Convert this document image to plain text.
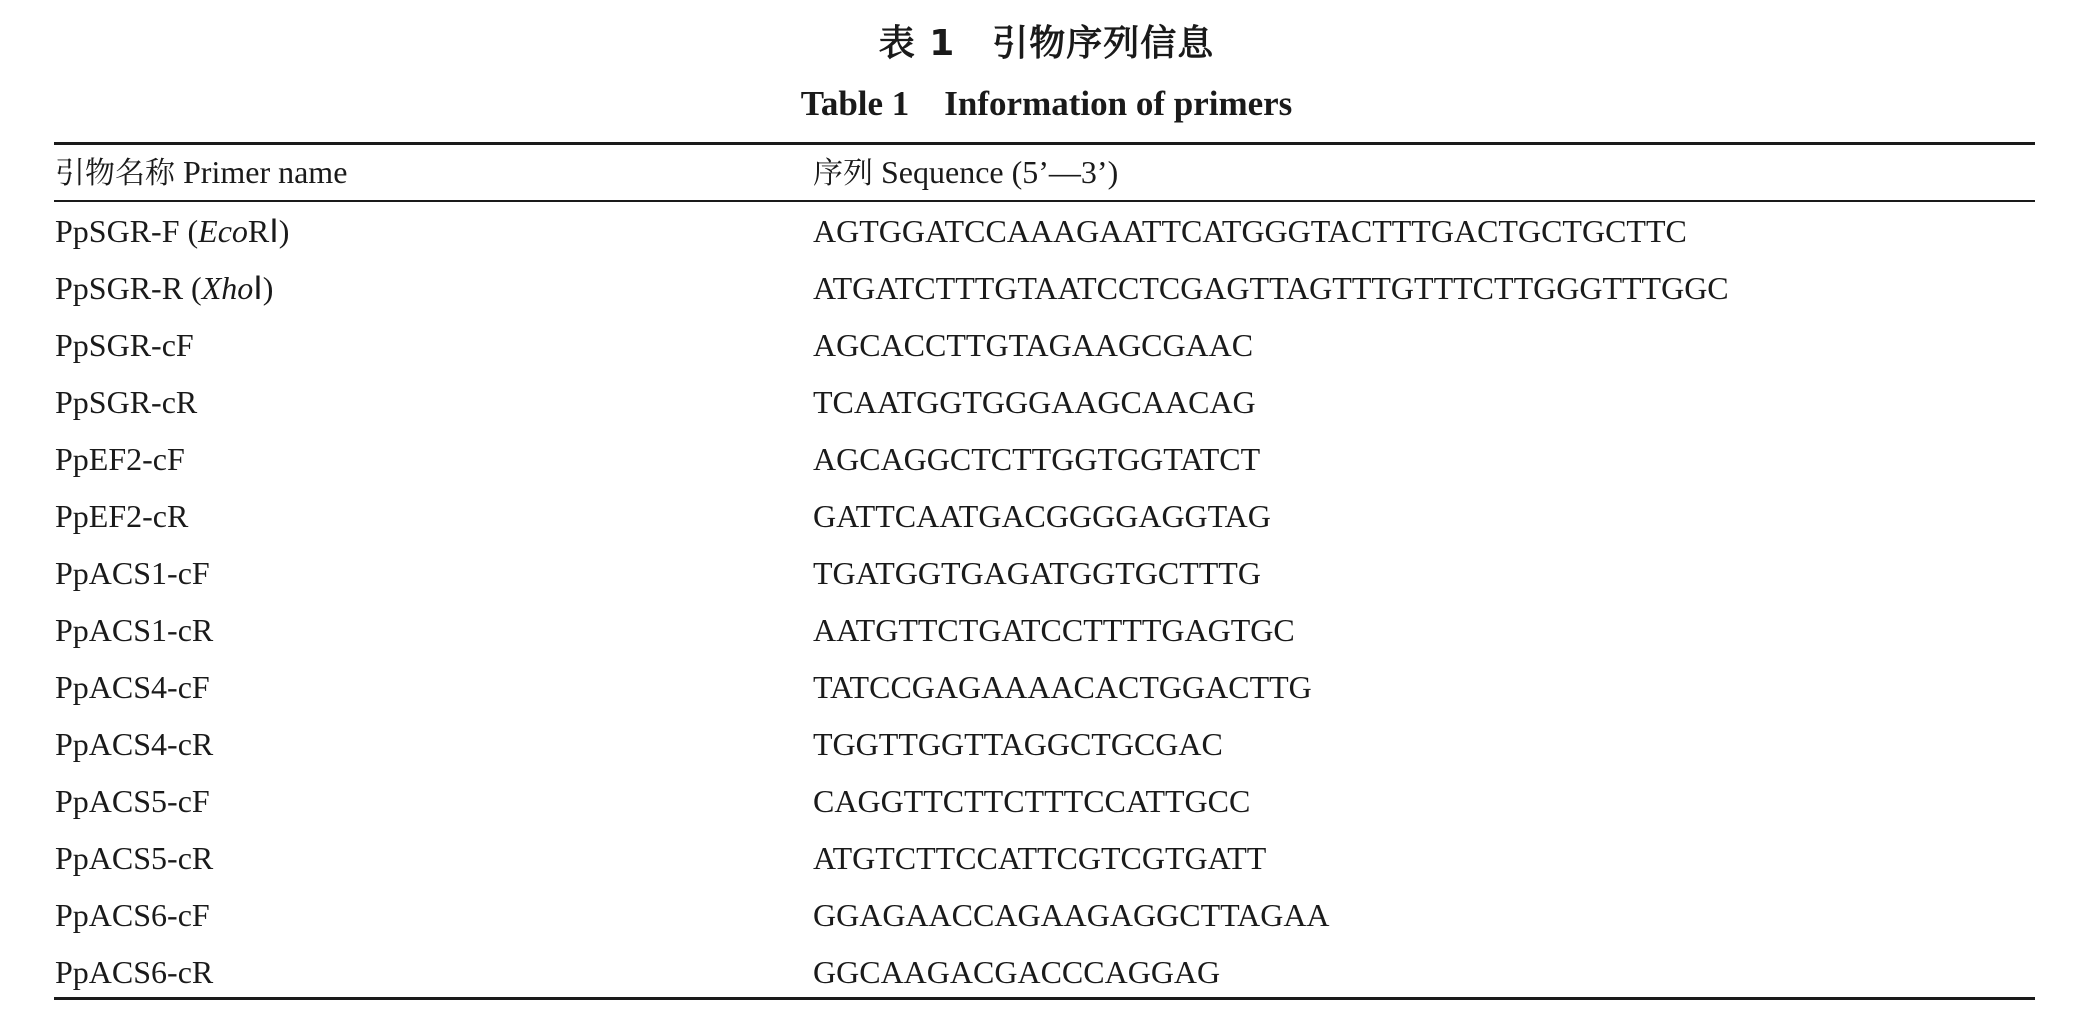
表 1　引物序列信息
Table 1　Information of primers
引物名称 Primer name	序列 Sequence (5’—3’)
PpSGR-F (EcoRⅠ)	AGTGGATCCAAAGAATTCATGGGTACTTTGACTGCTGCTTC
PpSGR-R (XhoⅠ)	ATGATCTTTGTAATCCTCGAGTTAGTTTGTTTCTTGGGTTTGGC
PpSGR-cF	AGCACCTTGTAGAAGCGAAC
PpSGR-cR	TCAATGGTGGGAAGCAACAG
PpEF2-cF	AGCAGGCTCTTGGTGGTATCT
PpEF2-cR	GATTCAATGACGGGGAGGTAG
PpACS1-cF	TGATGGTGAGATGGTGCTTTG
PpACS1-cR	AATGTTCTGATCCTTTTGAGTGC
PpACS4-cF	TATCCGAGAAAACACTGGACTTG
PpACS4-cR	TGGTTGGTTAGGCTGCGAC
PpACS5-cF	CAGGTTCTTCTTTCCATTGCC
PpACS5-cR	ATGTCTTCCATTCGTCGTGATT
PpACS6-cF	GGAGAACCAGAAGAGGCTTAGAA
PpACS6-cR	GGCAAGACGACCCAGGAG
